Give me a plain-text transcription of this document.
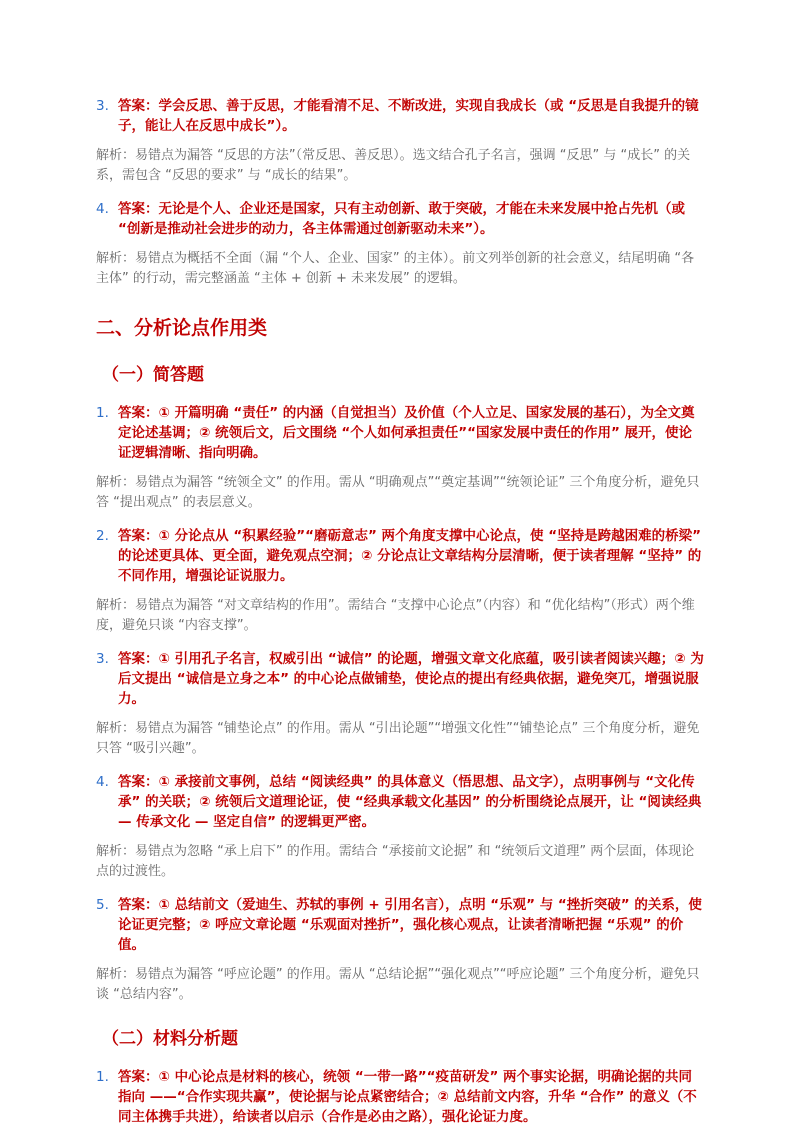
3. 答案：学会反思、善于反思，才能看清不足、不断改进，实现自我成长（或 “反思是自我提升的镜子，能让人在反思中成长”）。

解析：易错点为漏答 “反思的方法”（常反思、善反思）。选文结合孔子名言，强调 “反思” 与 “成长” 的关系，需包含 “反思的要求” 与 “成长的结果”。

4. 答案：无论是个人、企业还是国家，只有主动创新、敢于突破，才能在未来发展中抢占先机（或 “创新是推动社会进步的动力，各主体需通过创新驱动未来”）。

解析：易错点为概括不全面（漏 “个人、企业、国家” 的主体）。前文列举创新的社会意义，结尾明确 “各主体” 的行动，需完整涵盖 “主体 + 创新 + 未来发展” 的逻辑。

二、分析论点作用类
（一）简答题
1. 答案：① 开篇明确 “责任” 的内涵（自觉担当）及价值（个人立足、国家发展的基石），为全文奠定论述基调；② 统领后文，后文围绕 “个人如何承担责任”“国家发展中责任的作用” 展开，使论证逻辑清晰、指向明确。

解析：易错点为漏答 “统领全文” 的作用。需从 “明确观点”“奠定基调”“统领论证” 三个角度分析，避免只答 “提出观点” 的表层意义。

2. 答案：① 分论点从 “积累经验”“磨砺意志” 两个角度支撑中心论点，使 “坚持是跨越困难的桥梁” 的论述更具体、更全面，避免观点空洞；② 分论点让文章结构分层清晰，便于读者理解 “坚持” 的不同作用，增强论证说服力。

解析：易错点为漏答 “对文章结构的作用”。需结合 “支撑中心论点”（内容）和 “优化结构”（形式）两个维度，避免只谈 “内容支撑”。

3. 答案：① 引用孔子名言，权威引出 “诚信” 的论题，增强文章文化底蕴，吸引读者阅读兴趣；② 为后文提出 “诚信是立身之本” 的中心论点做铺垫，使论点的提出有经典依据，避免突兀，增强说服力。

解析：易错点为漏答 “铺垫论点” 的作用。需从 “引出论题”“增强文化性”“铺垫论点” 三个角度分析，避免只答 “吸引兴趣”。

4. 答案：① 承接前文事例，总结 “阅读经典” 的具体意义（悟思想、品文字），点明事例与 “文化传承” 的关联；② 统领后文道理论证，使 “经典承载文化基因” 的分析围绕论点展开，让 “阅读经典 — 传承文化 — 坚定自信” 的逻辑更严密。

解析：易错点为忽略 “承上启下” 的作用。需结合 “承接前文论据” 和 “统领后文道理” 两个层面，体现论点的过渡性。

5. 答案：① 总结前文（爱迪生、苏轼的事例 + 引用名言），点明 “乐观” 与 “挫折突破” 的关系，使论证更完整；② 呼应文章论题 “乐观面对挫折”，强化核心观点，让读者清晰把握 “乐观” 的价值。

解析：易错点为漏答 “呼应论题” 的作用。需从 “总结论据”“强化观点”“呼应论题” 三个角度分析，避免只谈 “总结内容”。

（二）材料分析题
1. 答案：① 中心论点是材料的核心，统领 “一带一路”“疫苗研发” 两个事实论据，明确论据的共同指向 ——“合作实现共赢”，使论据与论点紧密结合；② 总结前文内容，升华 “合作” 的意义（不同主体携手共进），给读者以启示（合作是必由之路），强化论证力度。
